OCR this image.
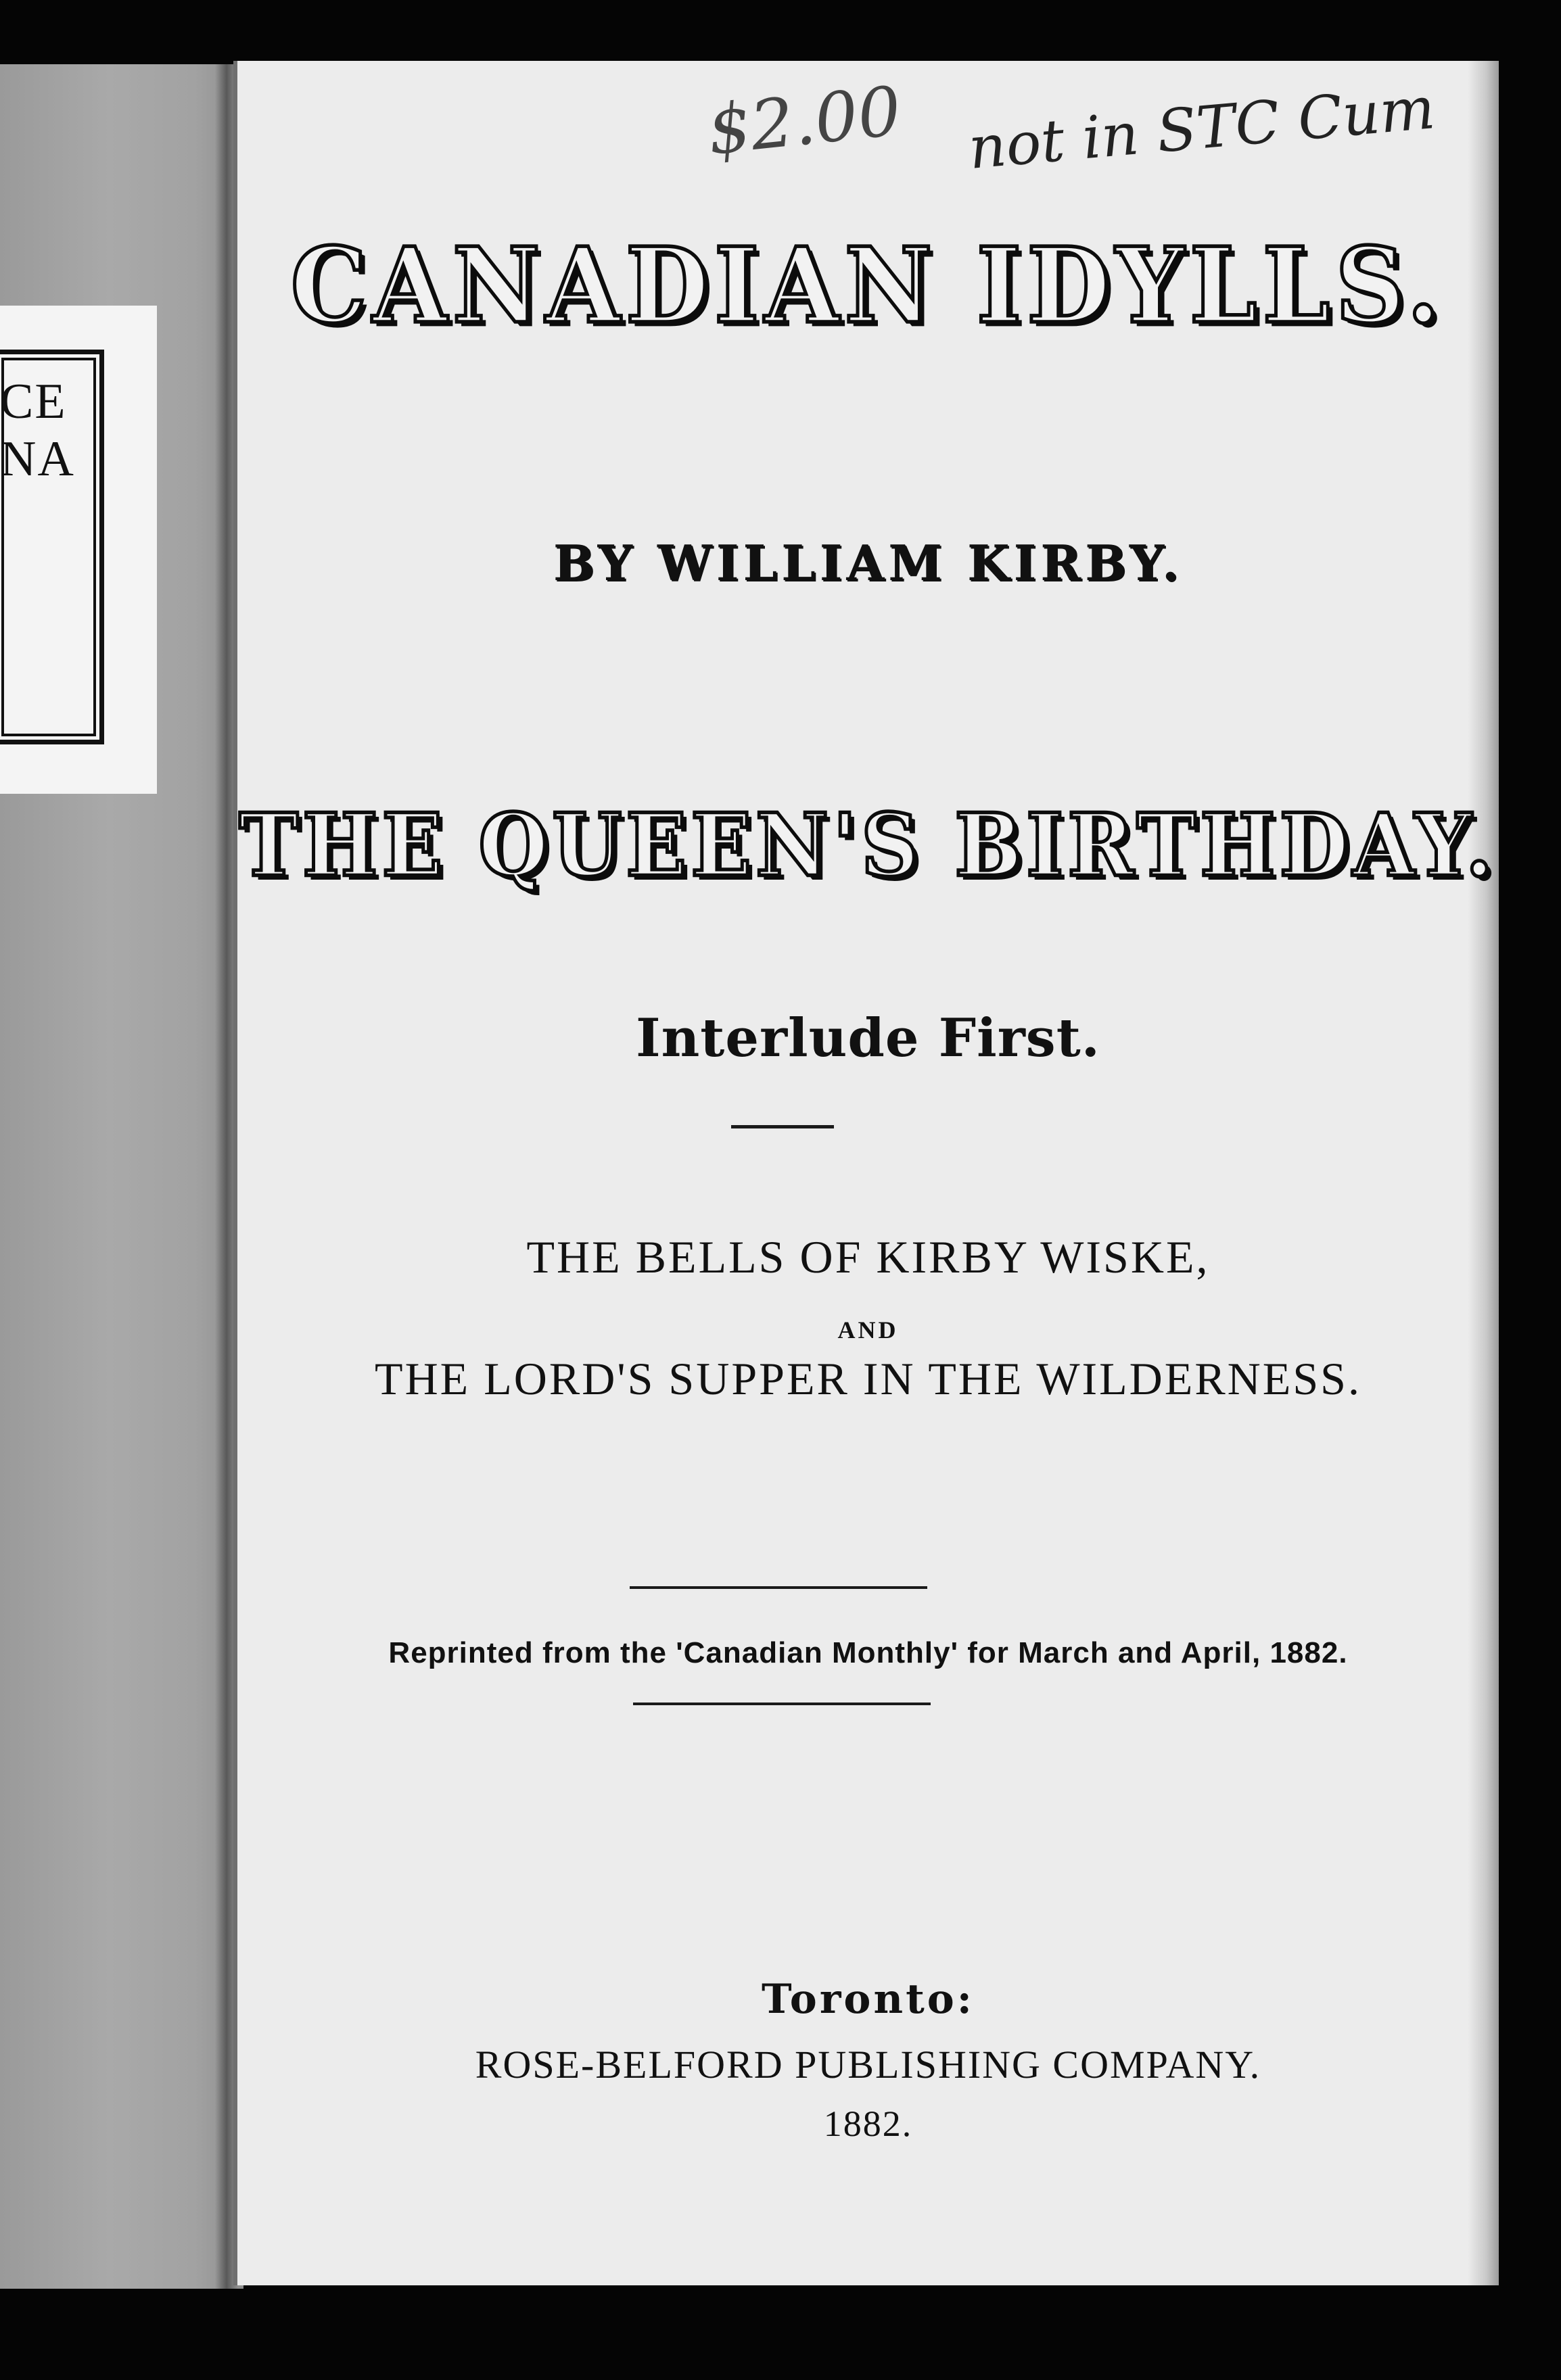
CE
NA
$2.00 not in STC Cum
CANADIAN IDYLLS.
BY WILLIAM KIRBY.
THE QUEEN'S BIRTHDAY.
Interlude First.
THE BELLS OF KIRBY WISKE,
AND
THE LORD'S SUPPER IN THE WILDERNESS.
Reprinted from the 'Canadian Monthly' for March and April, 1882.
Toronto:
ROSE-BELFORD PUBLISHING COMPANY.
1882.
